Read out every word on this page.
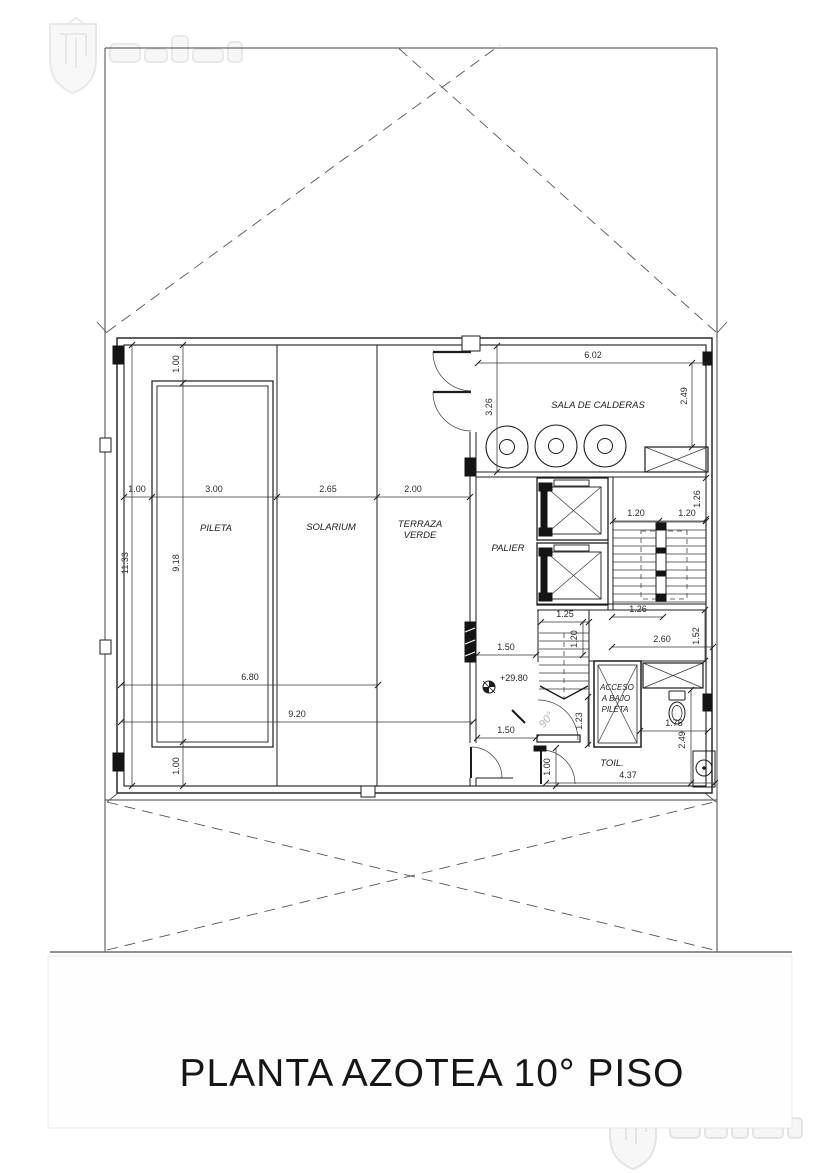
1.00	3.00	2.65	2.00
11.33
1.00
9.18
1.00
6.80
9.20
6.02
3.26
2.49
1.26
1.20	1.20
1.26
1.25
1.20	1.52
2.60
1.50
1.50
1.23
1.00
1.75
2.49
4.37
+29.80
90°
PILETA	SOLARIUM	TERRAZA
VERDE
SALA DE CALDERAS
PALIER
ACCESO
A BAJO
PILETA
TOIL.
PLANTA AZOTEA 10° PISO
